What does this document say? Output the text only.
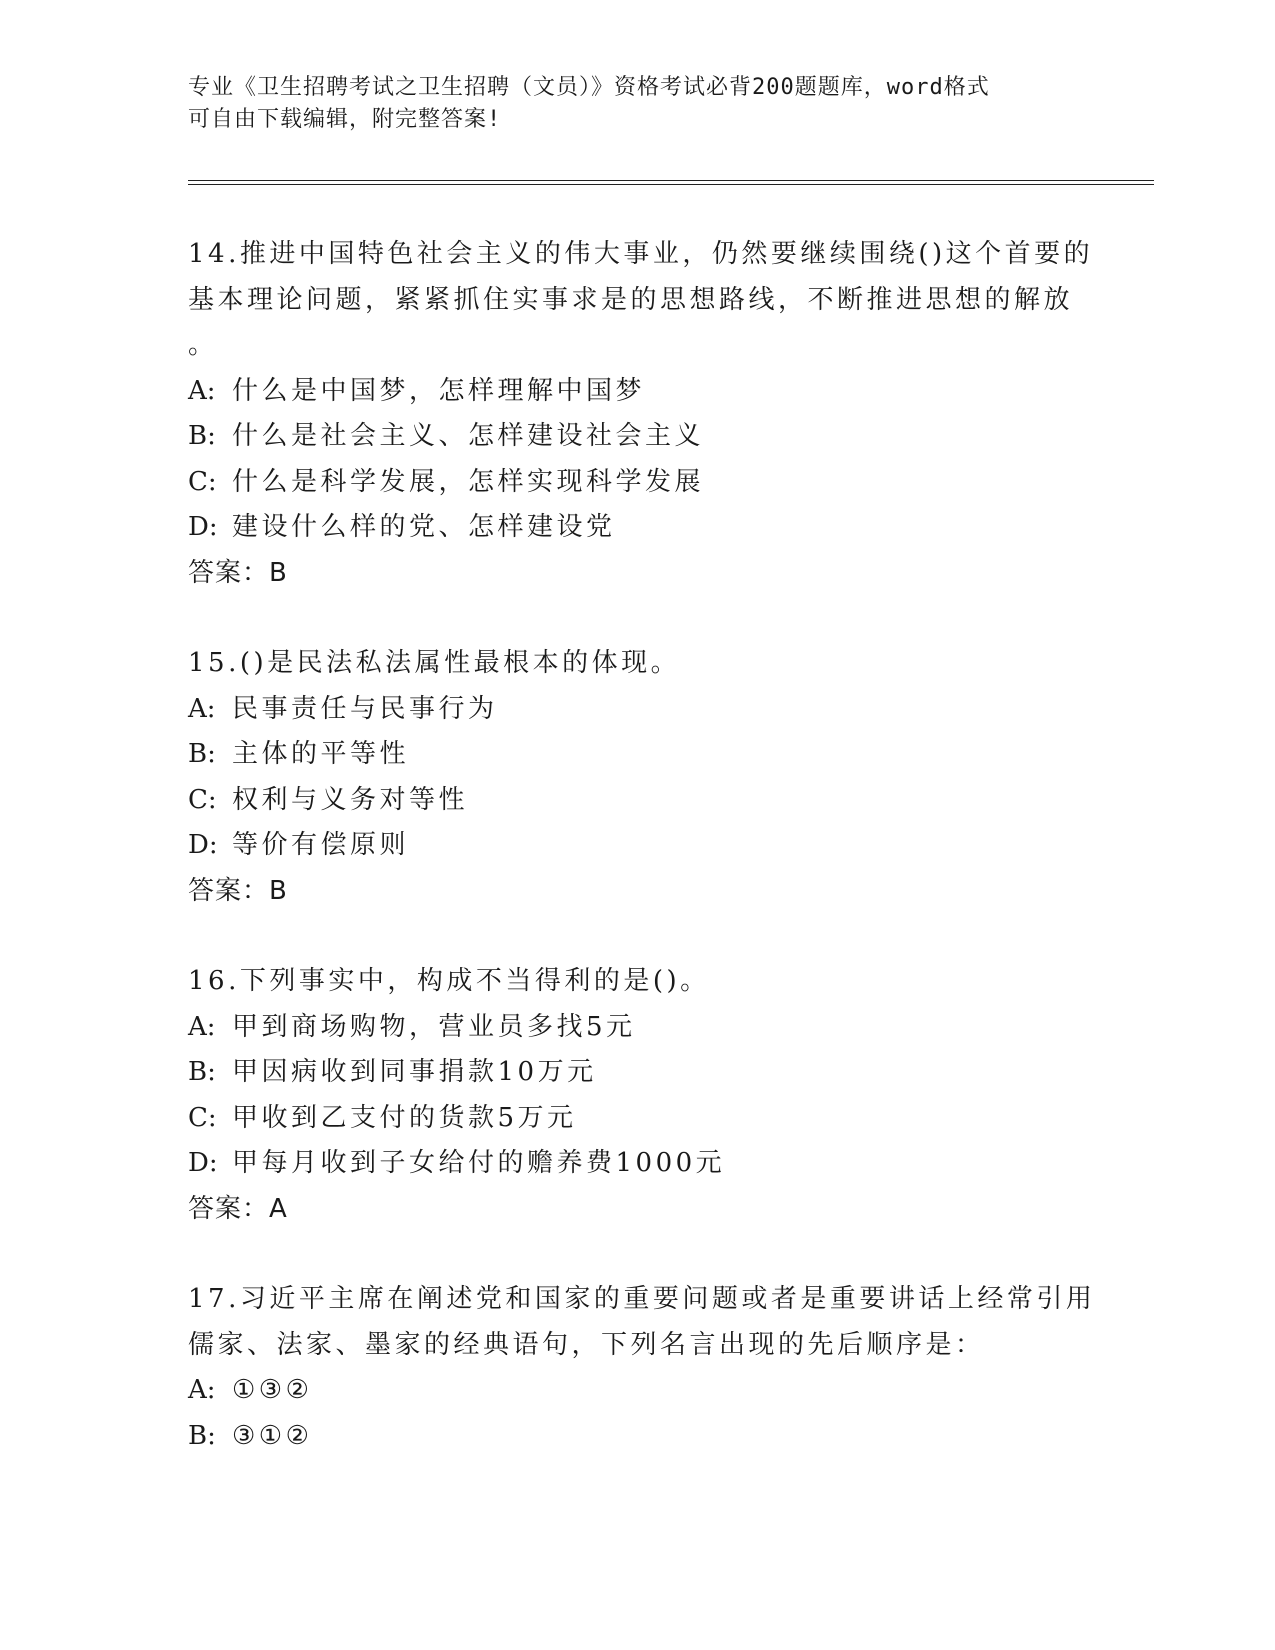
专业《卫生招聘考试之卫生招聘（文员）》资格考试必背200题题库，word格式
可自由下载编辑，附完整答案!
14.推进中国特色社会主义的伟大事业，仍然要继续围绕()这个首要的
基本理论问题，紧紧抓住实事求是的思想路线，不断推进思想的解放
。
A: 什么是中国梦，怎样理解中国梦
B: 什么是社会主义、怎样建设社会主义
C: 什么是科学发展，怎样实现科学发展
D: 建设什么样的党、怎样建设党
答案：B
15.()是民法私法属性最根本的体现。
A: 民事责任与民事行为
B: 主体的平等性
C: 权利与义务对等性
D: 等价有偿原则
答案：B
16.下列事实中，构成不当得利的是()。
A: 甲到商场购物，营业员多找5元
B: 甲因病收到同事捐款10万元
C: 甲收到乙支付的货款5万元
D: 甲每月收到子女给付的赡养费1000元
答案：A
17.习近平主席在阐述党和国家的重要问题或者是重要讲话上经常引用
儒家、法家、墨家的经典语句，下列名言出现的先后顺序是：
A: ①③②
B: ③①②
